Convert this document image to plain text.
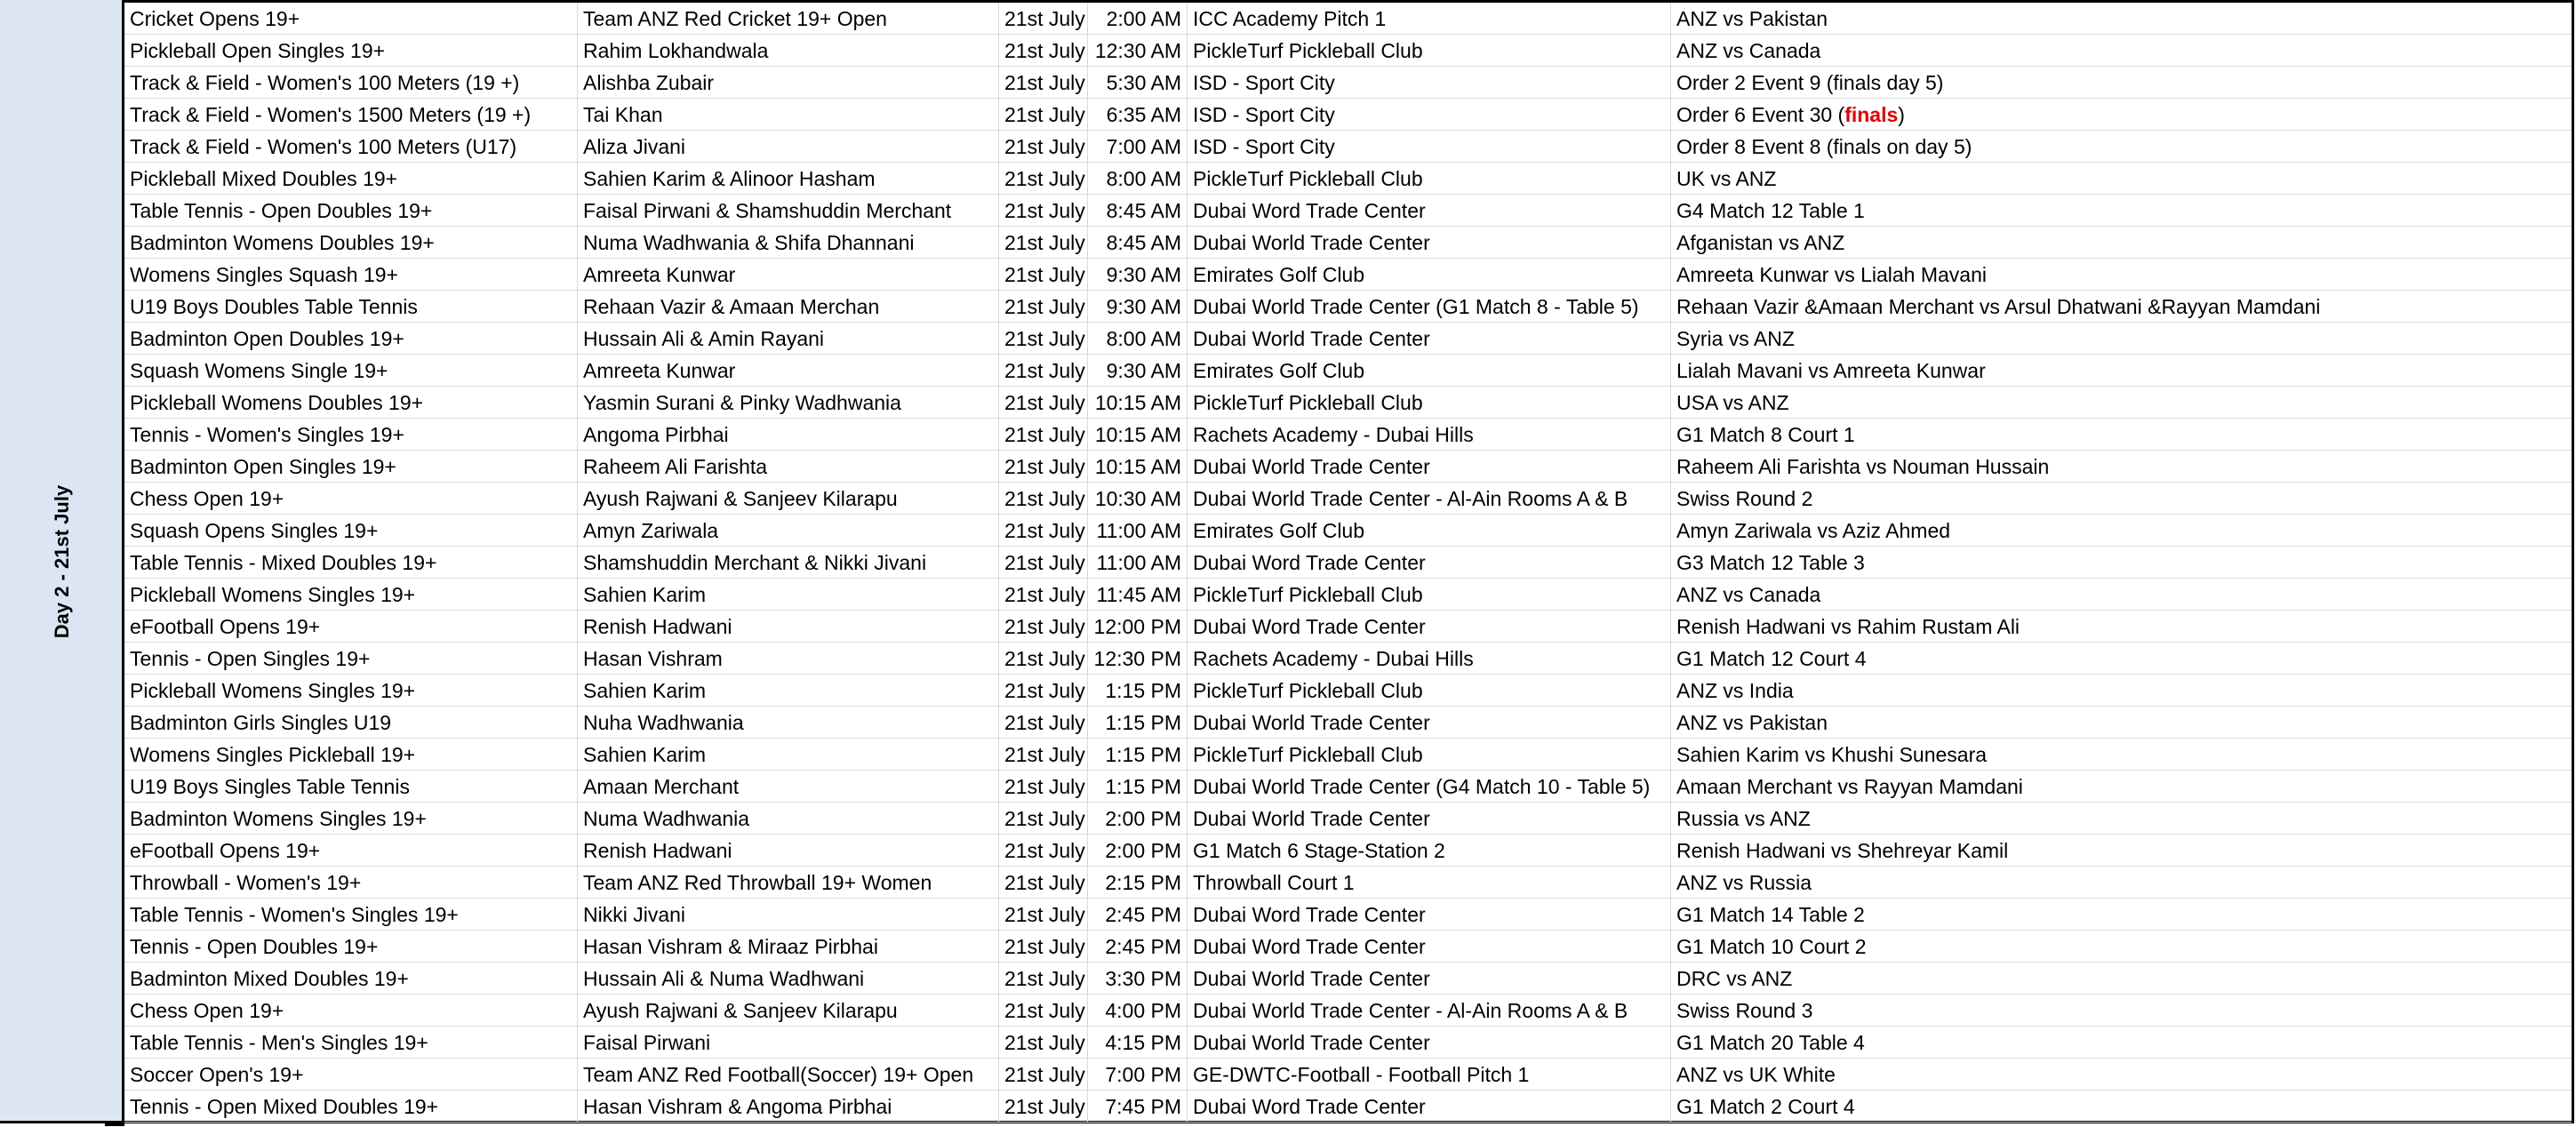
Day 2 - 21st July
Cricket Opens 19+	Team ANZ Red Cricket 19+ Open	21st July	2:00 AM ICC Academy Pitch 1	ANZ vs Pakistan
Pickleball Open Singles 19+	Rahim Lokhandwala	21st July 12:30 AM PickleTurf Pickleball Club	ANZ vs Canada
Track & Field - Women's 100 Meters (19 +)	Alishba Zubair	21st July	5:30 AM ISD - Sport City	Order 2 Event 9 (finals day 5)
Track & Field - Women's 1500 Meters (19 +)	Tai Khan	21st July	6:35 AM ISD - Sport City	Order 6 Event 30 (finals)
Track & Field - Women's 100 Meters (U17)	Aliza Jivani	21st July	7:00 AM ISD - Sport City	Order 8 Event 8 (finals on day 5)
Pickleball Mixed Doubles 19+	Sahien Karim & Alinoor Hasham	21st July	8:00 AM PickleTurf Pickleball Club	UK vs ANZ
Table Tennis - Open Doubles 19+	Faisal Pirwani & Shamshuddin Merchant	21st July	8:45 AM Dubai Word Trade Center	G4 Match 12 Table 1
Badminton Womens Doubles 19+	Numa Wadhwania & Shifa Dhannani	21st July	8:45 AM Dubai World Trade Center	Afganistan vs ANZ
Womens Singles Squash 19+	Amreeta Kunwar	21st July	9:30 AM Emirates Golf Club	Amreeta Kunwar vs Lialah Mavani
U19 Boys Doubles Table Tennis	Rehaan Vazir & Amaan Merchan	21st July	9:30 AM Dubai World Trade Center (G1 Match 8 - Table 5)	Rehaan Vazir &Amaan Merchant vs Arsul Dhatwani &Rayyan Mamdani
Badminton Open Doubles 19+	Hussain Ali & Amin Rayani	21st July	8:00 AM Dubai World Trade Center	Syria vs ANZ
Squash Womens Single 19+	Amreeta Kunwar	21st July	9:30 AM Emirates Golf Club	Lialah Mavani vs Amreeta Kunwar
Pickleball Womens Doubles 19+	Yasmin Surani & Pinky Wadhwania	21st July 10:15 AM PickleTurf Pickleball Club	USA vs ANZ
Tennis - Women's Singles 19+	Angoma Pirbhai	21st July 10:15 AM Rachets Academy - Dubai Hills	G1 Match 8 Court 1
Badminton Open Singles 19+	Raheem Ali Farishta	21st July 10:15 AM Dubai World Trade Center	Raheem Ali Farishta vs Nouman Hussain
Chess Open 19+	Ayush Rajwani & Sanjeev Kilarapu	21st July 10:30 AM Dubai World Trade Center - Al-Ain Rooms A & B	Swiss Round 2
Squash Opens Singles 19+	Amyn Zariwala	21st July 11:00 AM Emirates Golf Club	Amyn Zariwala vs Aziz Ahmed
Table Tennis - Mixed Doubles 19+	Shamshuddin Merchant & Nikki Jivani	21st July 11:00 AM Dubai Word Trade Center	G3 Match 12 Table 3
Pickleball Womens Singles 19+	Sahien Karim	21st July 11:45 AM PickleTurf Pickleball Club	ANZ vs Canada
eFootball Opens 19+	Renish Hadwani	21st July 12:00 PM Dubai Word Trade Center	Renish Hadwani vs Rahim Rustam Ali
Tennis - Open Singles 19+	Hasan Vishram	21st July 12:30 PM Rachets Academy - Dubai Hills	G1 Match 12 Court 4
Pickleball Womens Singles 19+	Sahien Karim	21st July 1:15 PM PickleTurf Pickleball Club	ANZ vs India
Badminton Girls Singles U19	Nuha Wadhwania	21st July 1:15 PM Dubai World Trade Center	ANZ vs Pakistan
Womens Singles Pickleball 19+	Sahien Karim	21st July 1:15 PM PickleTurf Pickleball Club	Sahien Karim vs Khushi Sunesara
U19 Boys Singles Table Tennis	Amaan Merchant	21st July 1:15 PM Dubai World Trade Center (G4 Match 10 - Table 5)	Amaan Merchant vs Rayyan Mamdani
Badminton Womens Singles 19+	Numa Wadhwania	21st July 2:00 PM Dubai World Trade Center	Russia vs ANZ
eFootball Opens 19+	Renish Hadwani	21st July 2:00 PM G1 Match 6 Stage-Station 2	Renish Hadwani vs Shehreyar Kamil
Throwball - Women's 19+	Team ANZ Red Throwball 19+ Women	21st July 2:15 PM Throwball Court 1	ANZ vs Russia
Table Tennis - Women's Singles 19+	Nikki Jivani	21st July 2:45 PM Dubai Word Trade Center	G1 Match 14 Table 2
Tennis - Open Doubles 19+	Hasan Vishram & Miraaz Pirbhai	21st July 2:45 PM Dubai Word Trade Center	G1 Match 10 Court 2
Badminton Mixed Doubles 19+	Hussain Ali & Numa Wadhwani	21st July 3:30 PM Dubai World Trade Center	DRC vs ANZ
Chess Open 19+	Ayush Rajwani & Sanjeev Kilarapu	21st July 4:00 PM Dubai World Trade Center - Al-Ain Rooms A & B	Swiss Round 3
Table Tennis - Men's Singles 19+	Faisal Pirwani	21st July 4:15 PM Dubai World Trade Center	G1 Match 20 Table 4
Soccer Open's 19+	Team ANZ Red Football(Soccer) 19+ Open	21st July 7:00 PM GE-DWTC-Football - Football Pitch 1	ANZ vs UK White
Tennis - Open Mixed Doubles 19+	Hasan Vishram & Angoma Pirbhai	21st July 7:45 PM Dubai Word Trade Center	G1 Match 2 Court 4
